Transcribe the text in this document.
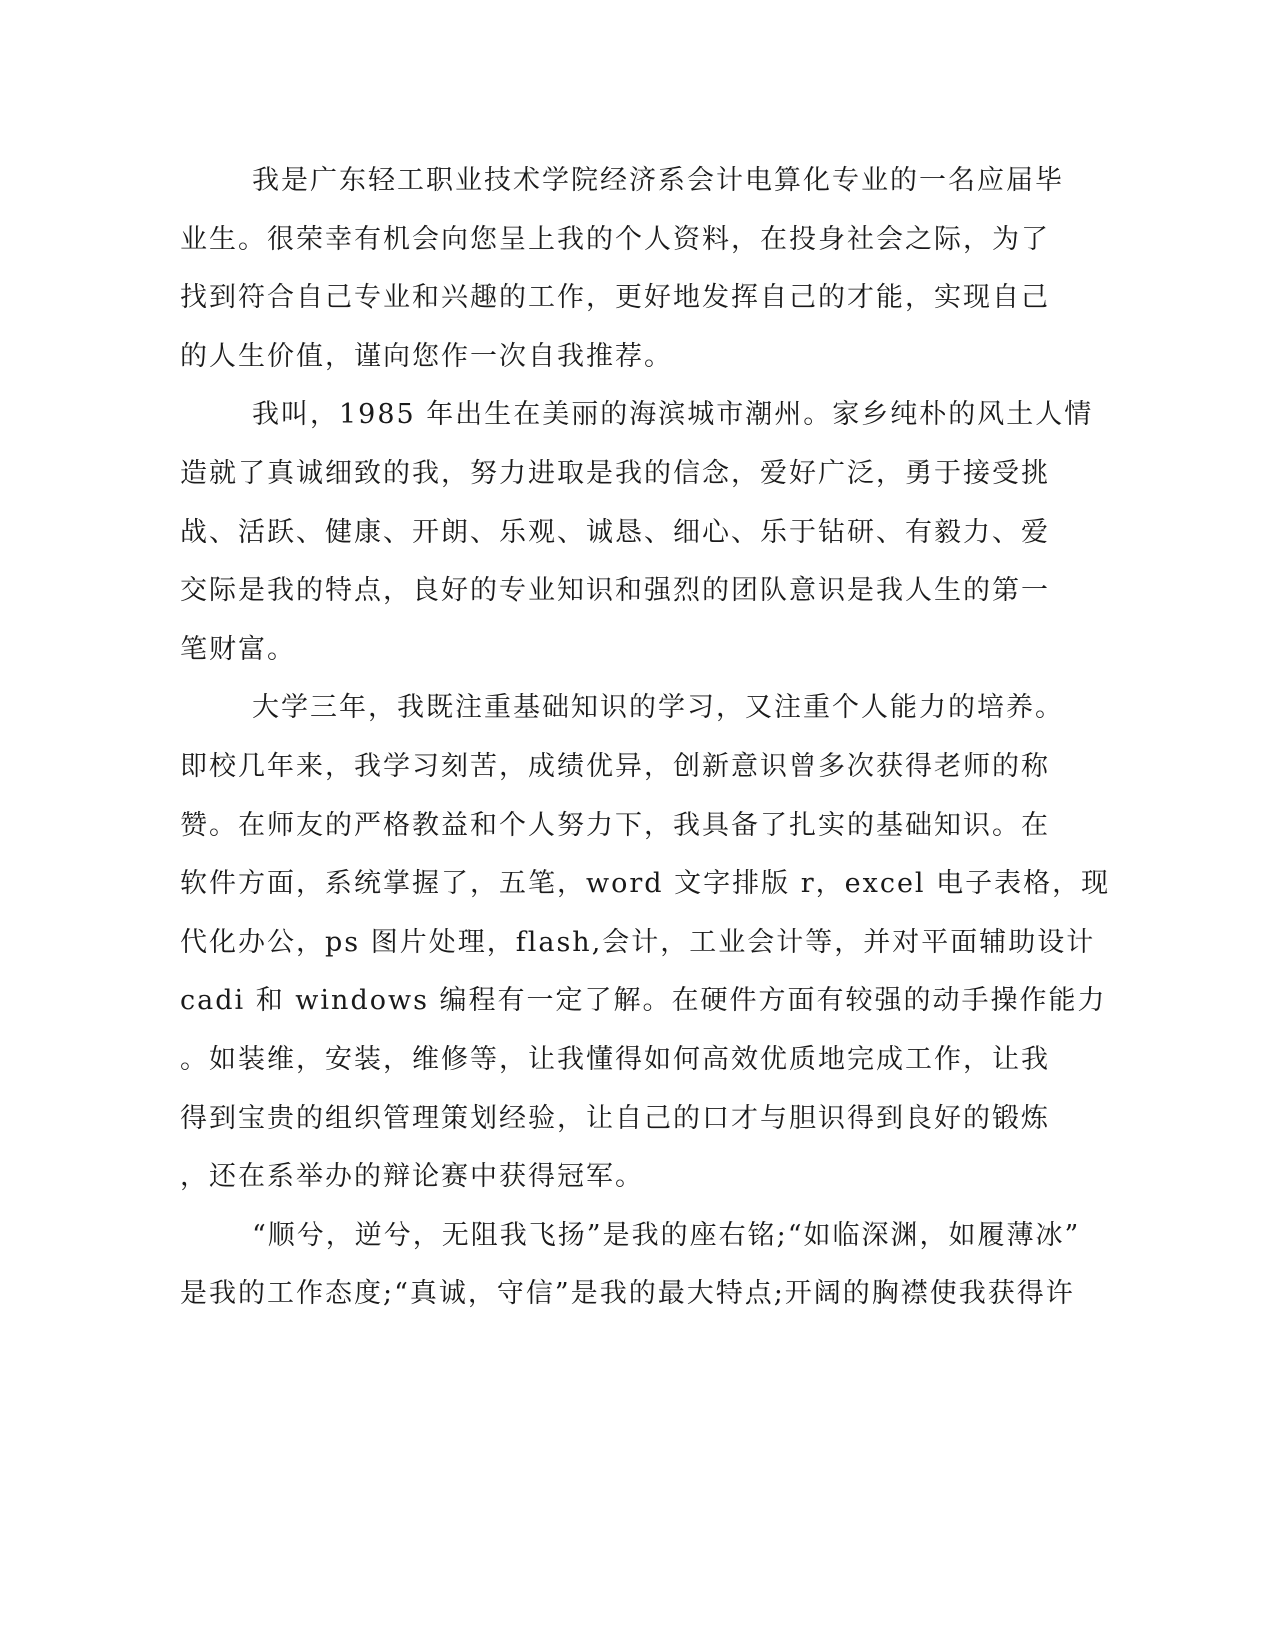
我是广东轻工职业技术学院经济系会计电算化专业的一名应届毕
业生。很荣幸有机会向您呈上我的个人资料，在投身社会之际，为了
找到符合自己专业和兴趣的工作，更好地发挥自己的才能，实现自己
的人生价值，谨向您作一次自我推荐。
我叫，1985 年出生在美丽的海滨城市潮州。家乡纯朴的风土人情
造就了真诚细致的我，努力进取是我的信念，爱好广泛，勇于接受挑
战、活跃、健康、开朗、乐观、诚恳、细心、乐于钻研、有毅力、爱
交际是我的特点，良好的专业知识和强烈的团队意识是我人生的第一
笔财富。
大学三年，我既注重基础知识的学习，又注重个人能力的培养。
即校几年来，我学习刻苦，成绩优异，创新意识曾多次获得老师的称
赞。在师友的严格教益和个人努力下，我具备了扎实的基础知识。在
软件方面，系统掌握了，五笔，word 文字排版 r，excel 电子表格，现
代化办公，ps 图片处理，flash,会计，工业会计等，并对平面辅助设计
cadi 和 windows 编程有一定了解。在硬件方面有较强的动手操作能力
。如装维，安装，维修等，让我懂得如何高效优质地完成工作，让我
得到宝贵的组织管理策划经验，让自己的口才与胆识得到良好的锻炼
，还在系举办的辩论赛中获得冠军。
“顺兮，逆兮，无阻我飞扬”是我的座右铭;“如临深渊，如履薄冰”
是我的工作态度;“真诚，守信”是我的最大特点;开阔的胸襟使我获得许
